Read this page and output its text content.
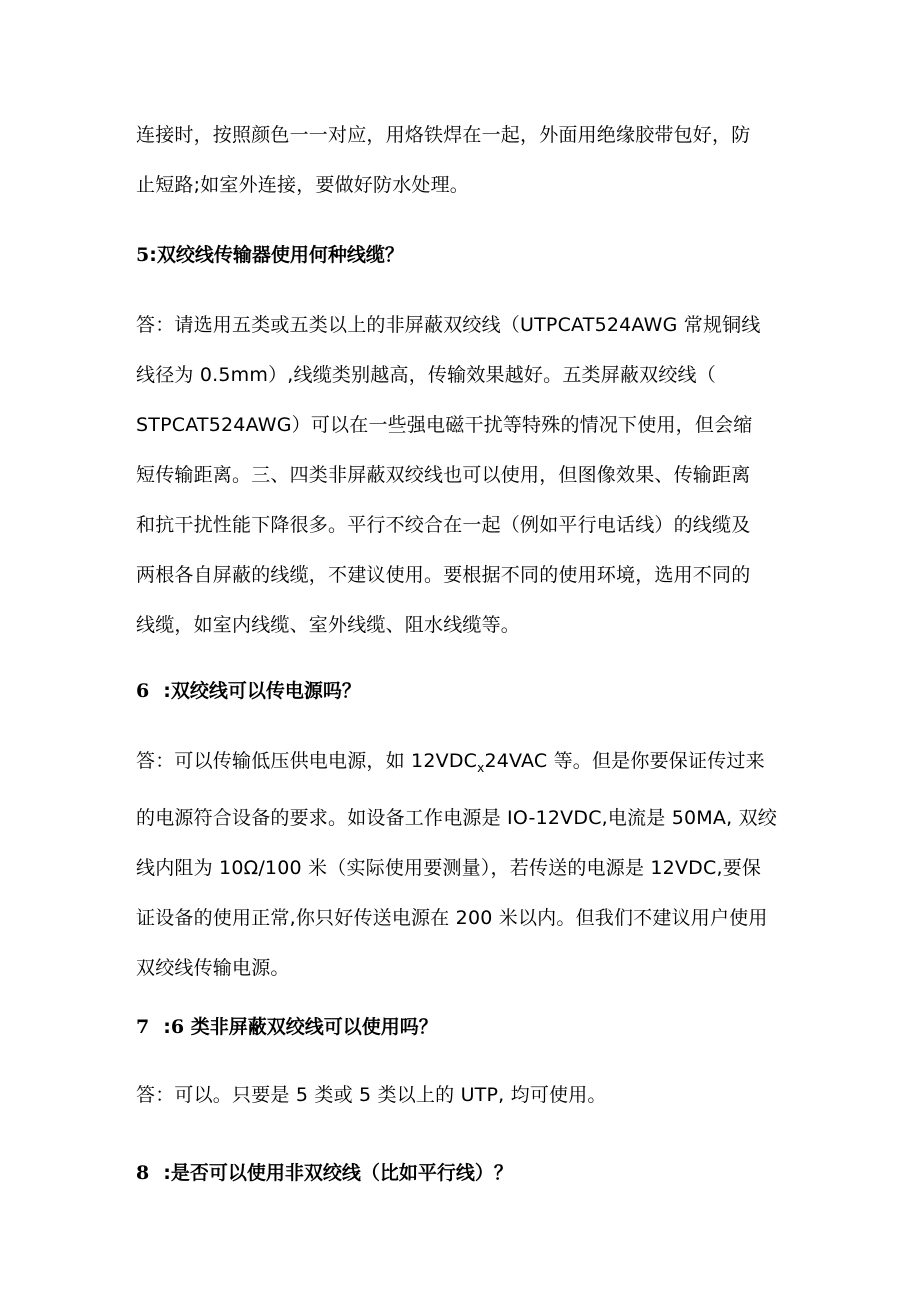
连接时，按照颜色一一对应，用烙铁焊在一起，外面用绝缘胶带包好，防
止短路;如室外连接，要做好防水处理。
5:双绞线传输器使用何种线缆？
答：请选用五类或五类以上的非屏蔽双绞线（UTPCAT524AWG 常规铜线
线径为 0.5mm）,线缆类别越高，传输效果越好。五类屏蔽双绞线（
STPCAT524AWG）可以在一些强电磁干扰等特殊的情况下使用，但会缩
短传输距离。三、四类非屏蔽双绞线也可以使用，但图像效果、传输距离
和抗干扰性能下降很多。平行不绞合在一起（例如平行电话线）的线缆及
两根各自屏蔽的线缆，不建议使用。要根据不同的使用环境，选用不同的
线缆，如室内线缆、室外线缆、阻水线缆等。
6 :双绞线可以传电源吗？
答：可以传输低压供电电源，如 $12VDC_x24VAC$ 等。但是你要保证传过来
的电源符合设备的要求。如设备工作电源是 IO-12VDC,电流是 50MA, 双绞
线内阻为 10Ω/100 米（实际使用要测量），若传送的电源是 12VDC,要保
证设备的使用正常,你只好传送电源在 200 米以内。但我们不建议用户使用
双绞线传输电源。
7 :6 类非屏蔽双绞线可以使用吗？
答：可以。只要是 5 类或 5 类以上的 UTP, 均可使用。
8 :是否可以使用非双绞线（比如平行线）？
